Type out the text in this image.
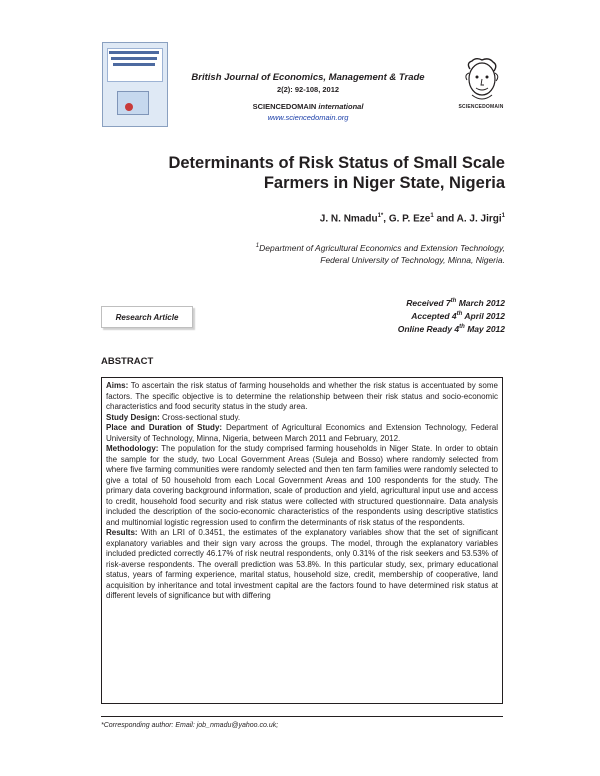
British Journal of Economics, Management & Trade
2(2): 92-108, 2012
SCIENCEDOMAIN international
www.sciencedomain.org
SCIENCEDOMAIN
Determinants of Risk Status of Small Scale
Farmers in Niger State, Nigeria
J. N. Nmadu$^{1*}$, G. P. Eze$^1$ and A. J. Jirgi$^1$
$^1$Department of Agricultural Economics and Extension Technology,
Federal University of Technology, Minna, Nigeria.
Research Article
Received 7th March 2012
Accepted 4th April 2012
Online Ready 4th May 2012
ABSTRACT

Aims: To ascertain the risk status of farming households and whether the risk status is accentuated by some factors. The specific objective is to determine the relationship between their risk status and socio-economic characteristics and food security status in the study area.

Study Design: Cross-sectional study.

Place and Duration of Study: Department of Agricultural Economics and Extension Technology, Federal University of Technology, Minna, Nigeria, between March 2011 and February, 2012.

Methodology: The population for the study comprised farming households in Niger State. In order to obtain the sample for the study, two Local Government Areas (Suleja and Bosso) where randomly selected from where five farming communities were randomly selected and then ten farm families were randomly selected to give a total of 50 household from each Local Government Areas and 100 respondents for the study. The primary data covering background information, scale of production and yield, agricultural input use and access to credit, household food security and risk status were collected with structured questionnaire. Data analysis included the description of the socio-economic characteristics of the respondents using descriptive statistics and multinomial logistic regression used to confirm the determinants of risk status of the respondents.

Results: With an LRI of 0.3451, the estimates of the explanatory variables show that the set of significant explanatory variables and their sign vary across the groups. The model, through the explanatory variables included predicted correctly 46.17% of risk neutral respondents, only 0.31% of the risk seekers and 53.53% of risk-averse respondents. The overall prediction was 53.8%. In this particular study, sex, primary educational status, years of farming experience, marital status, household size, credit, membership of cooperative, land acquisition by inheritance and total investment capital are the factors found to have determined risk status at different levels of significance but with differing

*Corresponding author: Email: job_nmadu@yahoo.co.uk;
